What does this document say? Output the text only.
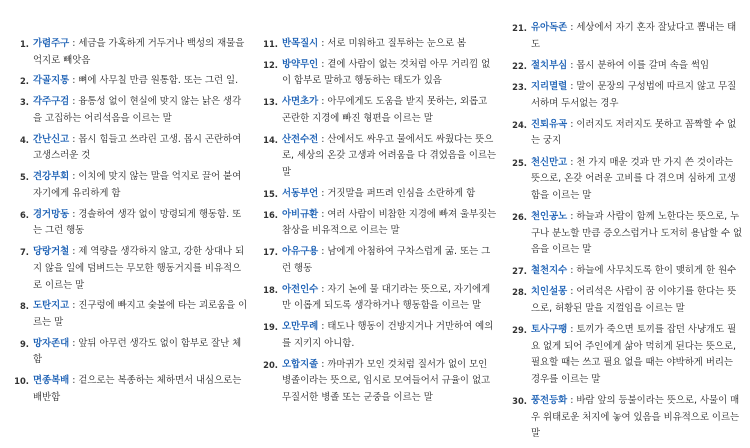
1. 가렴주구 : 세금을 가혹하게 거두거나 백성의 재물을 억지로 빼앗음
2. 각골지통 : 뼈에 사무칠 만큼 원통함. 또는 그런 일.
3. 각주구검 : 융통성 없이 현실에 맞지 않는 낡은 생각을 고집하는 어리석음을 이르는 말
4. 간난신고 : 몹시 힘들고 쓰라린 고생. 몹시 곤란하여 고생스러운 것
5. 견강부회 : 이치에 맞지 않는 말을 억지로 끌어 붙여 자기에게 유리하게 함
6. 경거망동 : 경솔하여 생각 없이 망령되게 행동함. 또는 그런 행동
7. 당랑거철 : 제 역량을 생각하지 않고, 강한 상대나 되지 않을 일에 덤벼드는 무모한 행동거지를 비유적으로 이르는 말
8. 도탄지고 : 진구렁에 빠지고 숯불에 타는 괴로움을 이르는 말
9. 망자존대 : 앞뒤 아무런 생각도 없이 함부로 잘난 체함
10. 면종복배 : 겉으로는 복종하는 체하면서 내심으로는 배반함
11. 반목질시 : 서로 미워하고 질투하는 눈으로 봄
12. 방약무인 : 곁에 사람이 없는 것처럼 아무 거리낌 없이 함부로 말하고 행동하는 태도가 있음
13. 사면초가 : 아무에게도 도움을 받지 못하는, 외롭고 곤란한 지경에 빠진 형편을 이르는 말
14. 산전수전 : 산에서도 싸우고 물에서도 싸웠다는 뜻으로, 세상의 온갖 고생과 어려움을 다 겪었음을 이르는 말
15. 서동부언 : 거짓말을 퍼뜨려 인심을 소란하게 함
16. 아비규환 : 여러 사람이 비참한 지경에 빠져 울부짖는 참상을 비유적으로 이르는 말
17. 아유구용 : 남에게 아첨하여 구차스럽게 굶. 또는 그런 행동
18. 아전인수 : 자기 논에 물 대기라는 뜻으로, 자기에게만 이롭게 되도록 생각하거나 행동함을 이르는 말
19. 오만무례 : 태도나 행동이 건방지거나 거만하여 예의를 지키지 아니함.
20. 오합지졸 : 까마귀가 모인 것처럼 질서가 없이 모인 병졸이라는 뜻으로, 임시로 모여들어서 규율이 없고 무질서한 병졸 또는 군중을 이르는 말
21. 유아독존 : 세상에서 자기 혼자 잘났다고 뽐내는 태도
22. 절치부심 : 몹시 분하여 이를 갈며 속을 썩임
23. 지리멸렬 : 말이 문장의 구성법에 따르지 않고 무질서하며 두서없는 경우
24. 진퇴유곡 : 이러지도 저러지도 못하고 꼼짝할 수 없는 궁지
25. 천신만고 : 천 가지 매운 것과 만 가지 쓴 것이라는 뜻으로, 온갖 어려운 고비를 다 겪으며 심하게 고생함을 이르는 말
26. 천인공노 : 하늘과 사람이 함께 노한다는 뜻으로, 누구나 분노할 만큼 증오스럽거나 도저히 용납할 수 없음을 이르는 말
27. 철천지수 : 하늘에 사무치도록 한이 맺히게 한 원수
28. 치인설몽 : 어리석은 사람이 꿈 이야기를 한다는 뜻으로, 허황된 말을 지껄임을 이르는 말
29. 토사구팽 : 토끼가 죽으면 토끼를 잡던 사냥개도 필요 없게 되어 주인에게 삶아 먹히게 된다는 뜻으로, 필요할 때는 쓰고 필요 없을 때는 야박하게 버리는 경우를 이르는 말
30. 풍전등화 : 바람 앞의 등불이라는 뜻으로, 사물이 매우 위태로운 처지에 놓여 있음을 비유적으로 이르는 말
